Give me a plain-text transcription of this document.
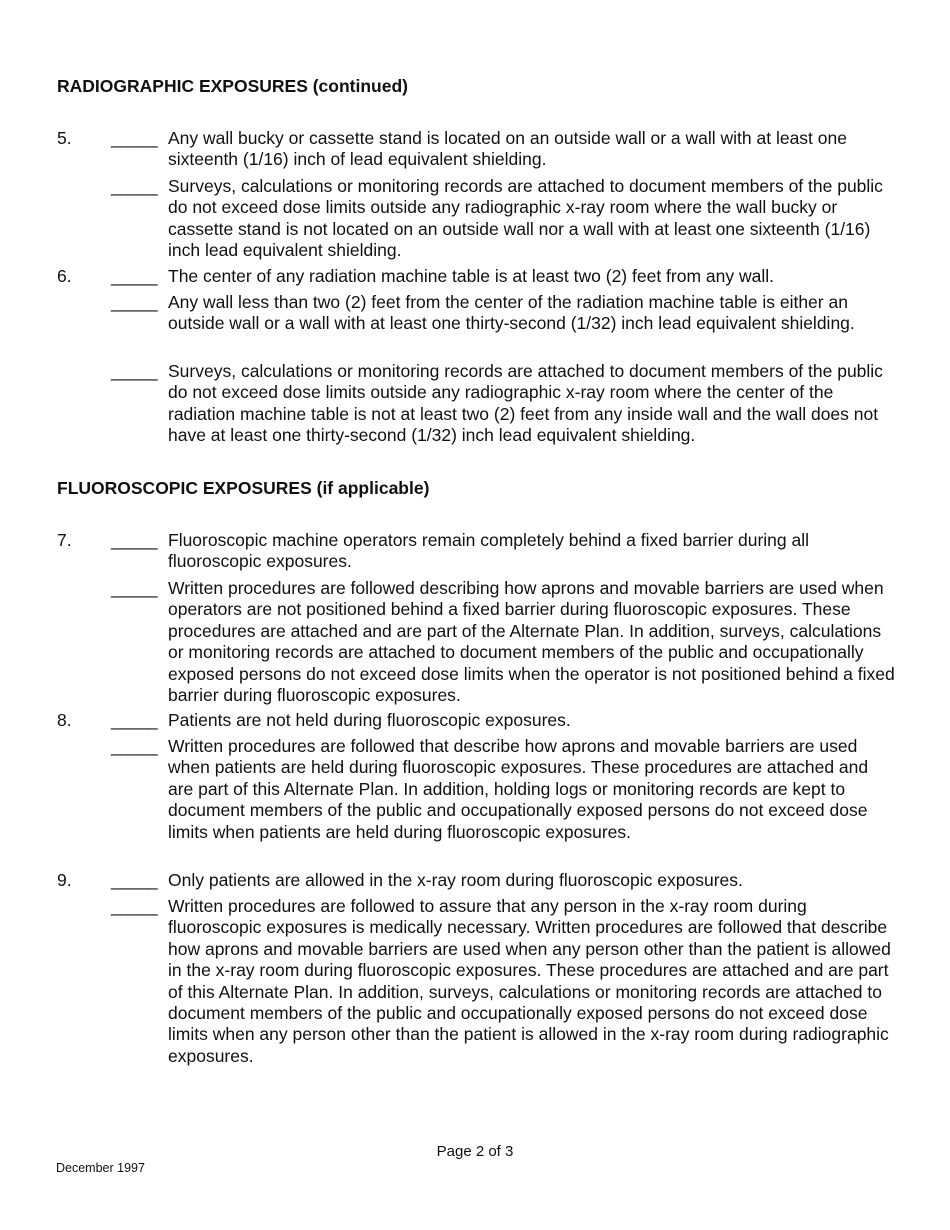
RADIOGRAPHIC EXPOSURES (continued)
5. _____ Any wall bucky or cassette stand is located on an outside wall or a wall with at least one sixteenth (1/16) inch of lead equivalent shielding.
_____ Surveys, calculations or monitoring records are attached to document members of the public do not exceed dose limits outside any radiographic x-ray room where the wall bucky or cassette stand is not located on an outside wall nor a wall with at least one sixteenth (1/16) inch lead equivalent shielding.
6. _____ The center of any radiation machine table is at least two (2) feet from any wall.
_____ Any wall less than two (2) feet from the center of the radiation machine table is either an outside wall or a wall with at least one thirty-second (1/32) inch lead equivalent shielding.
_____ Surveys, calculations or monitoring records are attached to document members of the public do not exceed dose limits outside any radiographic x-ray room where the center of the radiation machine table is not at least two (2) feet from any inside wall and the wall does not have at least one thirty-second (1/32) inch lead equivalent shielding.
FLUOROSCOPIC EXPOSURES (if applicable)
7. _____ Fluoroscopic machine operators remain completely behind a fixed barrier during all fluoroscopic exposures.
_____ Written procedures are followed describing how aprons and movable barriers are used when operators are not positioned behind a fixed barrier during fluoroscopic exposures. These procedures are attached and are part of the Alternate Plan. In addition, surveys, calculations or monitoring records are attached to document members of the public and occupationally exposed persons do not exceed dose limits when the operator is not positioned behind a fixed barrier during fluoroscopic exposures.
8. _____ Patients are not held during fluoroscopic exposures.
_____ Written procedures are followed that describe how aprons and movable barriers are used when patients are held during fluoroscopic exposures. These procedures are attached and are part of this Alternate Plan. In addition, holding logs or monitoring records are kept to document members of the public and occupationally exposed persons do not exceed dose limits when patients are held during fluoroscopic exposures.
9. _____ Only patients are allowed in the x-ray room during fluoroscopic exposures.
_____ Written procedures are followed to assure that any person in the x-ray room during fluoroscopic exposures is medically necessary. Written procedures are followed that describe how aprons and movable barriers are used when any person other than the patient is allowed in the x-ray room during fluoroscopic exposures. These procedures are attached and are part of this Alternate Plan. In addition, surveys, calculations or monitoring records are attached to document members of the public and occupationally exposed persons do not exceed dose limits when any person other than the patient is allowed in the x-ray room during radiographic exposures.
Page 2 of 3
December 1997
